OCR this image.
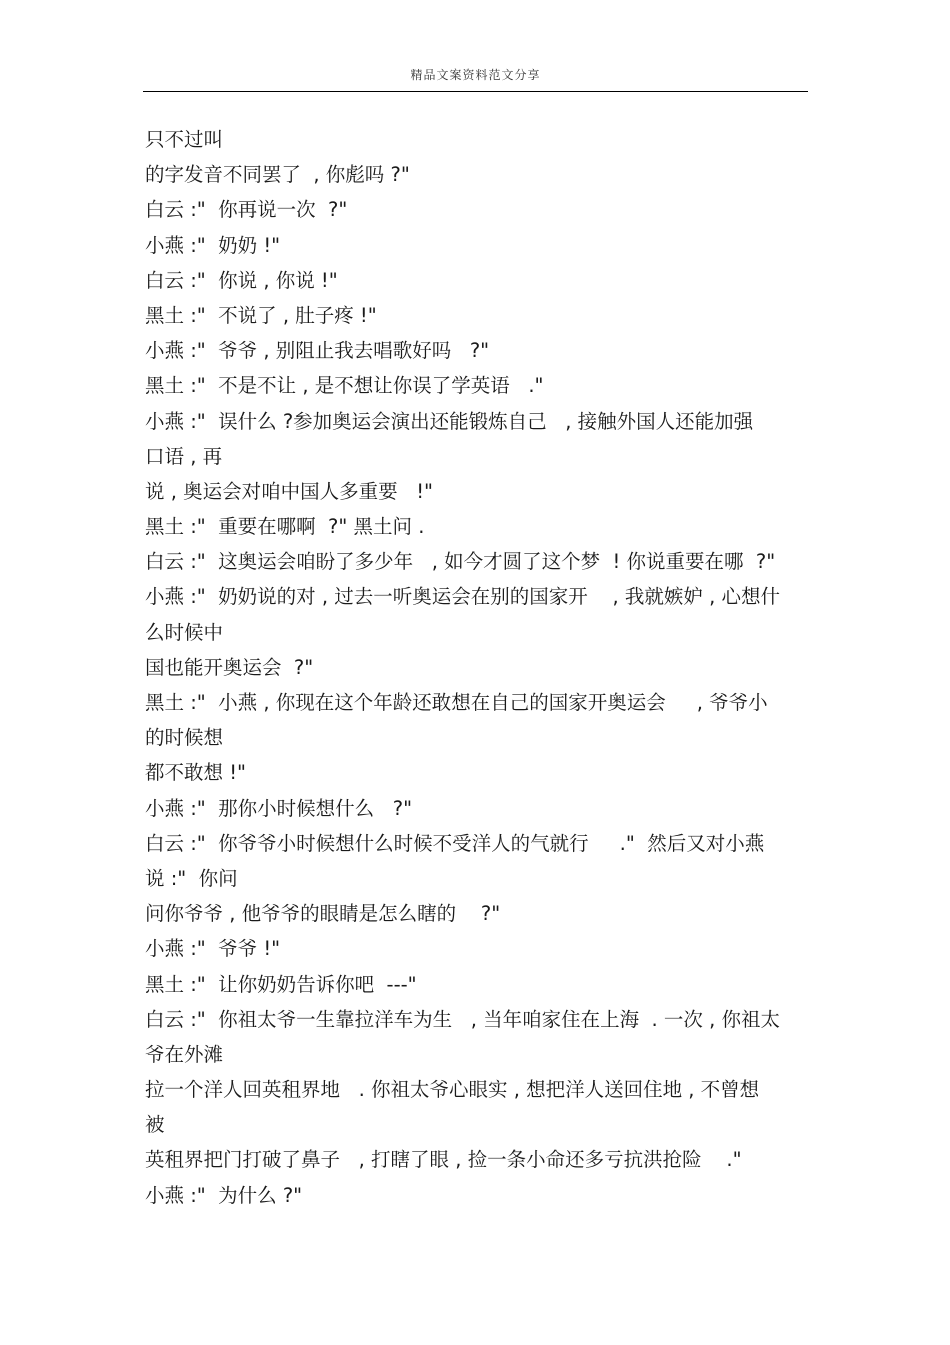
精品文案资料范文分享
只不过叫
的字发音不同罢了  , 你彪吗 ?"
白云 :"  你再说一次  ?"
小燕 :"  奶奶 !"
白云 :"  你说 , 你说 !"
黑土 :"  不说了 , 肚子疼 !"
小燕 :"  爷爷 , 别阻止我去唱歌好吗   ?"
黑土 :"  不是不让 , 是不想让你误了学英语   ."
小燕 :"  误什么 ?参加奥运会演出还能锻炼自己   , 接触外国人还能加强
口语 , 再
说 , 奥运会对咱中国人多重要   !"
黑土 :"  重要在哪啊  ?" 黑土问 .
白云 :"  这奥运会咱盼了多少年   , 如今才圆了这个梦  ! 你说重要在哪  ?"
小燕 :"  奶奶说的对 , 过去一听奥运会在别的国家开    , 我就嫉妒 , 心想什
么时候中
国也能开奥运会  ?"
黑土 :"  小燕 , 你现在这个年龄还敢想在自己的国家开奥运会     , 爷爷小
的时候想
都不敢想 !"
小燕 :"  那你小时候想什么   ?"
白云 :"  你爷爷小时候想什么时候不受洋人的气就行     ."  然后又对小燕
说 :"  你问
问你爷爷 , 他爷爷的眼睛是怎么瞎的    ?"
小燕 :"  爷爷 !"
黑土 :"  让你奶奶告诉你吧  ---"
白云 :"  你祖太爷一生靠拉洋车为生   , 当年咱家住在上海  . 一次 , 你祖太
爷在外滩
拉一个洋人回英租界地   . 你祖太爷心眼实 , 想把洋人送回住地 , 不曾想
被
英租界把门打破了鼻子   , 打瞎了眼 , 捡一条小命还多亏抗洪抢险    ."
小燕 :"  为什么 ?"
